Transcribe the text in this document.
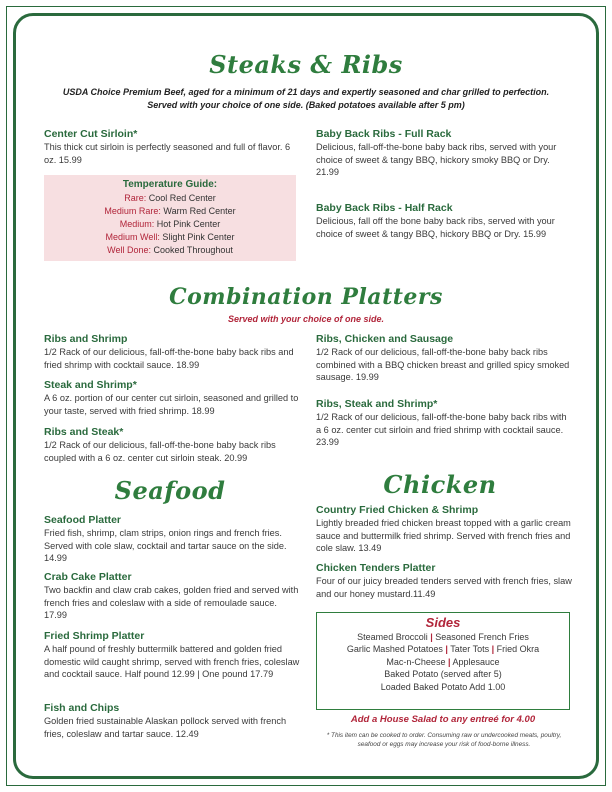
Steaks & Ribs
USDA Choice Premium Beef, aged for a minimum of 21 days and expertly seasoned and char grilled to perfection.
Served with your choice of one side. (Baked potatoes available after 5 pm)
Center Cut Sirloin*
This thick cut sirloin is perfectly seasoned and full of flavor. 6 oz. 15.99
Temperature Guide:
Rare: Cool Red Center
Medium Rare: Warm Red Center
Medium: Hot Pink Center
Medium Well: Slight Pink Center
Well Done: Cooked Throughout
Baby Back Ribs - Full Rack
Delicious, fall-off-the-bone baby back ribs, served with your choice of sweet & tangy BBQ, hickory smoky BBQ or Dry. 21.99
Baby Back Ribs - Half Rack
Delicious, fall off the bone baby back ribs, served with your choice of sweet & tangy BBQ, hickory BBQ or Dry. 15.99
Combination Platters
Served with your choice of one side.
Ribs and Shrimp
1/2 Rack of our delicious, fall-off-the-bone baby back ribs and fried shrimp with cocktail sauce. 18.99
Steak and Shrimp*
A 6 oz. portion of our center cut sirloin, seasoned and grilled to your taste, served with fried shrimp. 18.99
Ribs and Steak*
1/2 Rack of our delicious, fall-off-the-bone baby back ribs coupled with a 6 oz. center cut sirloin steak. 20.99
Ribs, Chicken and Sausage
1/2 Rack of our delicious, fall-off-the-bone baby back ribs combined with a BBQ chicken breast and grilled spicy smoked sausage. 19.99
Ribs, Steak and Shrimp*
1/2 Rack of our delicious, fall-off-the-bone baby back ribs with a 6 oz. center cut sirloin and fried shrimp with cocktail sauce. 23.99
Seafood
Seafood Platter
Fried fish, shrimp, clam strips, onion rings and french fries. Served with cole slaw, cocktail and tartar sauce on the side. 14.99
Crab Cake Platter
Two backfin and claw crab cakes, golden fried and served with french fries and coleslaw with a side of remoulade sauce. 17.99
Fried Shrimp Platter
A half pound of freshly buttermilk battered and golden fried domestic wild caught shrimp, served with french fries, coleslaw and cocktail sauce. Half pound 12.99 | One pound 17.79
Fish and Chips
Golden fried sustainable Alaskan pollock served with french fries, coleslaw and tartar sauce. 12.49
Chicken
Country Fried Chicken & Shrimp
Lightly breaded fried chicken breast topped with a garlic cream sauce and buttermilk fried shrimp. Served with french fries and cole slaw. 13.49
Chicken Tenders Platter
Four of our juicy breaded tenders served with french fries, slaw and our honey mustard.11.49
Sides
Steamed Broccoli | Seasoned French Fries
Garlic Mashed Potatoes | Tater Tots | Fried Okra
Mac-n-Cheese | Applesauce
Baked Potato (served after 5)
Loaded Baked Potato Add 1.00
Add a House Salad to any entreé for 4.00
* This item can be cooked to order. Consuming raw or undercooked meats, poultry, seafood or eggs may increase your risk of food-borne illness.
